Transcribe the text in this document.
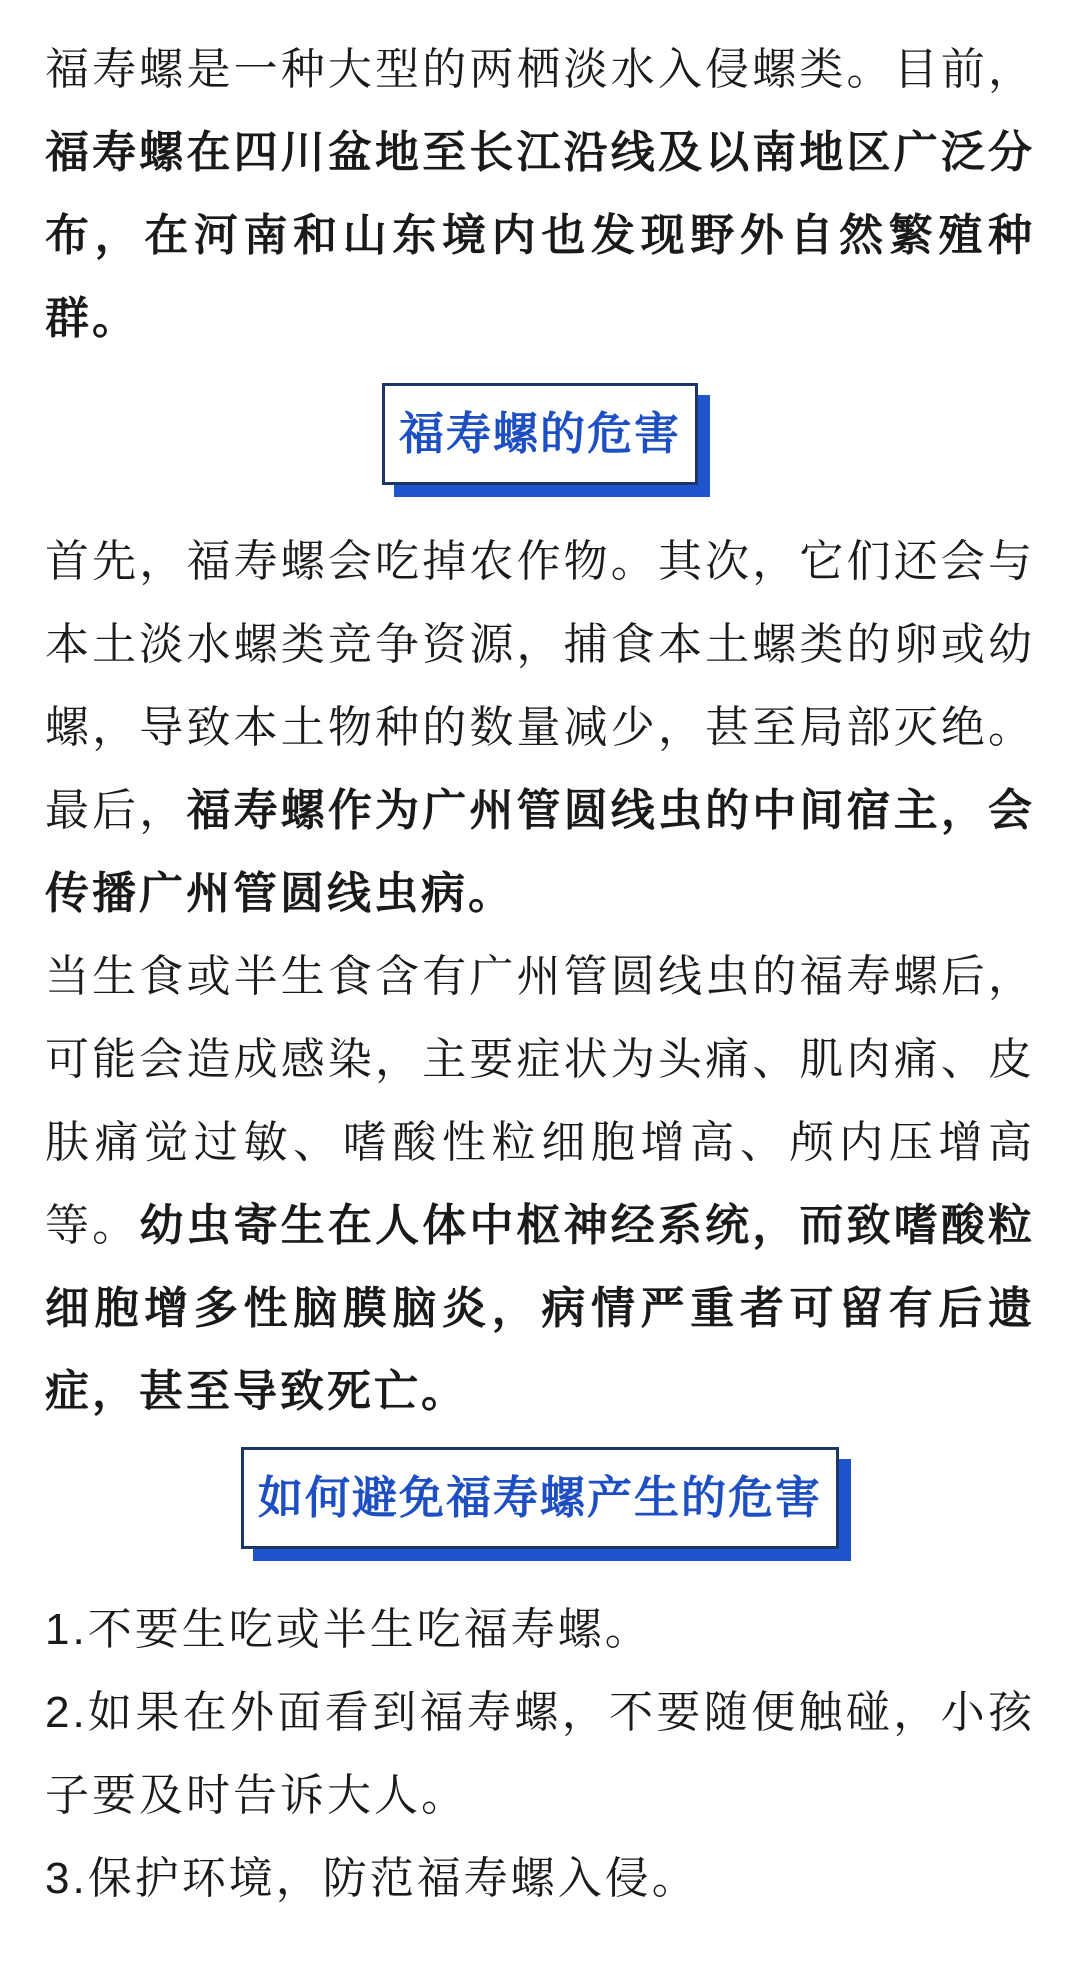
福寿螺是一种大型的两栖淡水入侵螺类。目前，福寿螺在四川盆地至长江沿线及以南地区广泛分布，在河南和山东境内也发现野外自然繁殖种群。

福寿螺的危害

首先，福寿螺会吃掉农作物。其次，它们还会与本土淡水螺类竞争资源，捕食本土螺类的卵或幼螺，导致本土物种的数量减少，甚至局部灭绝。最后，福寿螺作为广州管圆线虫的中间宿主，会传播广州管圆线虫病。

当生食或半生食含有广州管圆线虫的福寿螺后，可能会造成感染，主要症状为头痛、肌肉痛、皮肤痛觉过敏、嗜酸性粒细胞增高、颅内压增高等。幼虫寄生在人体中枢神经系统，而致嗜酸粒细胞增多性脑膜脑炎，病情严重者可留有后遗症，甚至导致死亡。

如何避免福寿螺产生的危害

1.不要生吃或半生吃福寿螺。

2.如果在外面看到福寿螺，不要随便触碰，小孩子要及时告诉大人。

3.保护环境，防范福寿螺入侵。
